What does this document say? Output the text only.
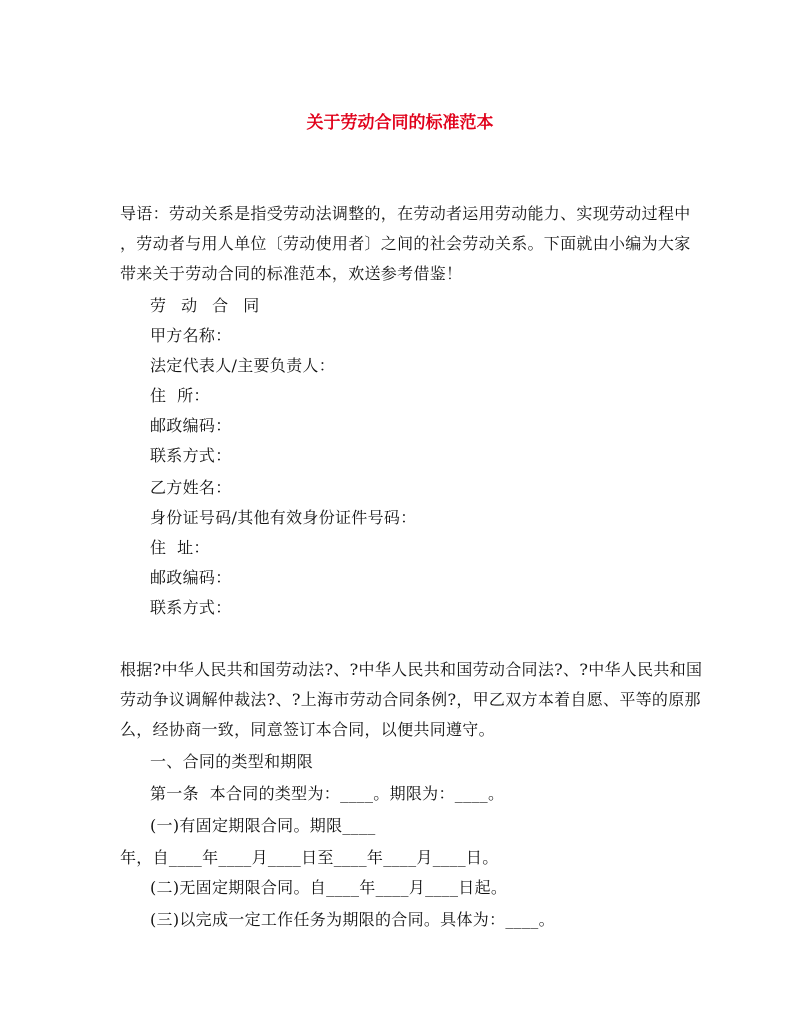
关于劳动合同的标准范本
导语：劳动关系是指受劳动法调整的，在劳动者运用劳动能力、实现劳动过程中
，劳动者与用人单位〔劳动使用者〕之间的社会劳动关系。下面就由小编为大家
带来关于劳动合同的标准范本，欢送参考借鉴！
劳 动 合 同
甲方名称：
法定代表人/主要负责人：
住  所：
邮政编码：
联系方式：
乙方姓名：
身份证号码/其他有效身份证件号码：
住  址：
邮政编码：
联系方式：
根据?中华人民共和国劳动法?、?中华人民共和国劳动合同法?、?中华人民共和国
劳动争议调解仲裁法?、?上海市劳动合同条例?，甲乙双方本着自愿、平等的原那
么，经协商一致，同意签订本合同，以便共同遵守。
一、合同的类型和期限
第一条  本合同的类型为：____。期限为：____。
(一)有固定期限合同。期限____
年，自____年____月____日至____年____月____日。
(二)无固定期限合同。自____年____月____日起。
(三)以完成一定工作任务为期限的合同。具体为：____。
